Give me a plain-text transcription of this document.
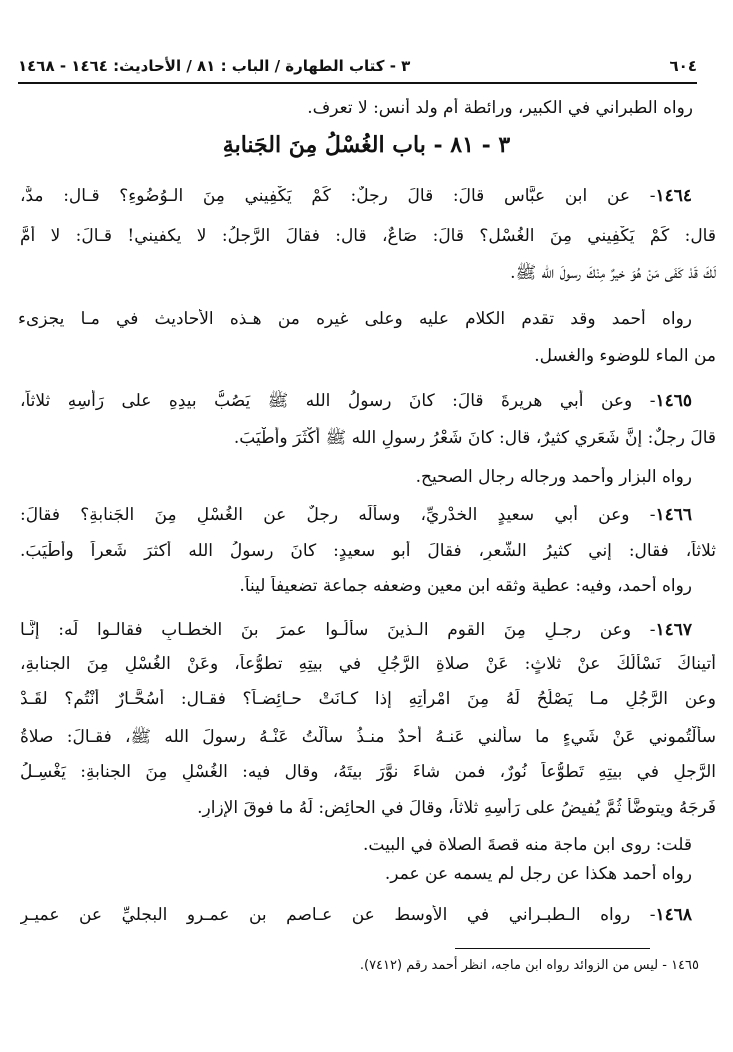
٦٠٤
٣ - كتاب الطهارة / الباب : ٨١ / الأحاديث: ١٤٦٤ - ١٤٦٨
رواه الطبراني في الكبير، ورائطة أم ولد أنس: لا تعرف.
٣ - ٨١ - باب الغُسْلُ مِنَ الجَنابةِ
١٤٦٤- عن ابنِ عبَّاسٍ قالَ: قالَ رجلٌ: كَمْ يَكْفِيني مِنَ الـوُضُوءِ؟ قـال: مدٌّ،
قال: كَمْ يَكْفِيني مِنَ الغُسْل؟ قالَ: صَاعٌ، قال: فقالَ الرَّجلُ: لا يكفيني! قـالَ: لا أُمَّ
لَكَ قَدْ كَفَى مَنْ هُوَ خيرٌ مِنْكَ رسولَ الله ﷺ.
رواه أحمد وقد تقدم الكلام عليه وعلى غيره من هـذه الأحاديث في مـا يجزىء
من الماء للوضوء والغسل.
١٤٦٥- وعن أبي هريرةَ قالَ: كانَ رسولُ الله ﷺ يَصُبُّ بيدِهِ على رَأْسِهِ ثلاثاً،
قالَ رجلٌ: إنَّ شَعَري كثيرٌ، قال: كانَ شَعْرُ رسولِ الله ﷺ أكْثَرَ وأطْيَبَ.
رواه البزار وأحمد ورجاله رجال الصحيح.
١٤٦٦- وعن أبي سعيدٍ الخدْريِّ، وسأَلَه رجلٌ عنِ الغُسْلِ مِنَ الجَنابةِ؟ فقالَ:
ثلاثاً، فقال: إني كثيرُ الشَّعرِ، فقالَ أبو سعيدٍ: كانَ رسولُ الله أكثرَ شَعراً وأطْيَبَ.
رواه أحمد، وفيه: عطية وثقه ابن معين وضعفه جماعة تضعيفاً ليناً.
١٤٦٧- وعن رجـلٍ مِنَ القومِ الـذينَ سألُـوا عمرَ بنَ الخطـابِ فقالـوا لَه: إنَّـا
أتيناكَ نَسْأَلُكَ عنْ ثلاثٍ: عَنْ صلاةِ الرَّجُلِ في بيتِهِ تطوُّعاً، وعَنْ الغُسْلِ مِنَ الجنابةِ،
وعنِ الرَّجُلِ مـا يَصْلُحُ لَهُ مِنَ امْرأتِهِ إذا كـانَتْ حـائِضـاً؟ فقـال: أَسُحَّـارٌ أنْتُم؟ لقَـدْ
سألْتُموني عَنْ شَيءٍ ما سألني عَنـهُ أحدٌ منـذُ سألْتُ عَنْـهُ رسولَ الله ﷺ، فقـالَ: صلاةُ
الرَّجلِ في بيتِهِ تَطوُّعاً نُورٌ، فمن شاءَ نوَّرَ بيتَهُ، وقال فيه: الغُسْلِ مِنَ الجنابةِ: يَغْسِـلُ
فَرجَهُ ويتوضَّأُ ثُمَّ يُفيضُ على رَأْسِهِ ثلاثاً، وقالَ في الحائِضِ: لَهُ ما فوقَ الإزارِ.
قلت: روى ابن ماجة منه قصةَ الصلاة في البيت.
رواه أحمد هكذا عن رجل لم يسمه عن عمر.
١٤٦٨- رواه الـطبـراني في الأوسط عن عـاصم بن عمـرو البجليِّ عن عميـرٍ
١٤٦٥ - ليس من الزوائد رواه ابن ماجه، انظر أحمد رقم (٧٤١٢).
